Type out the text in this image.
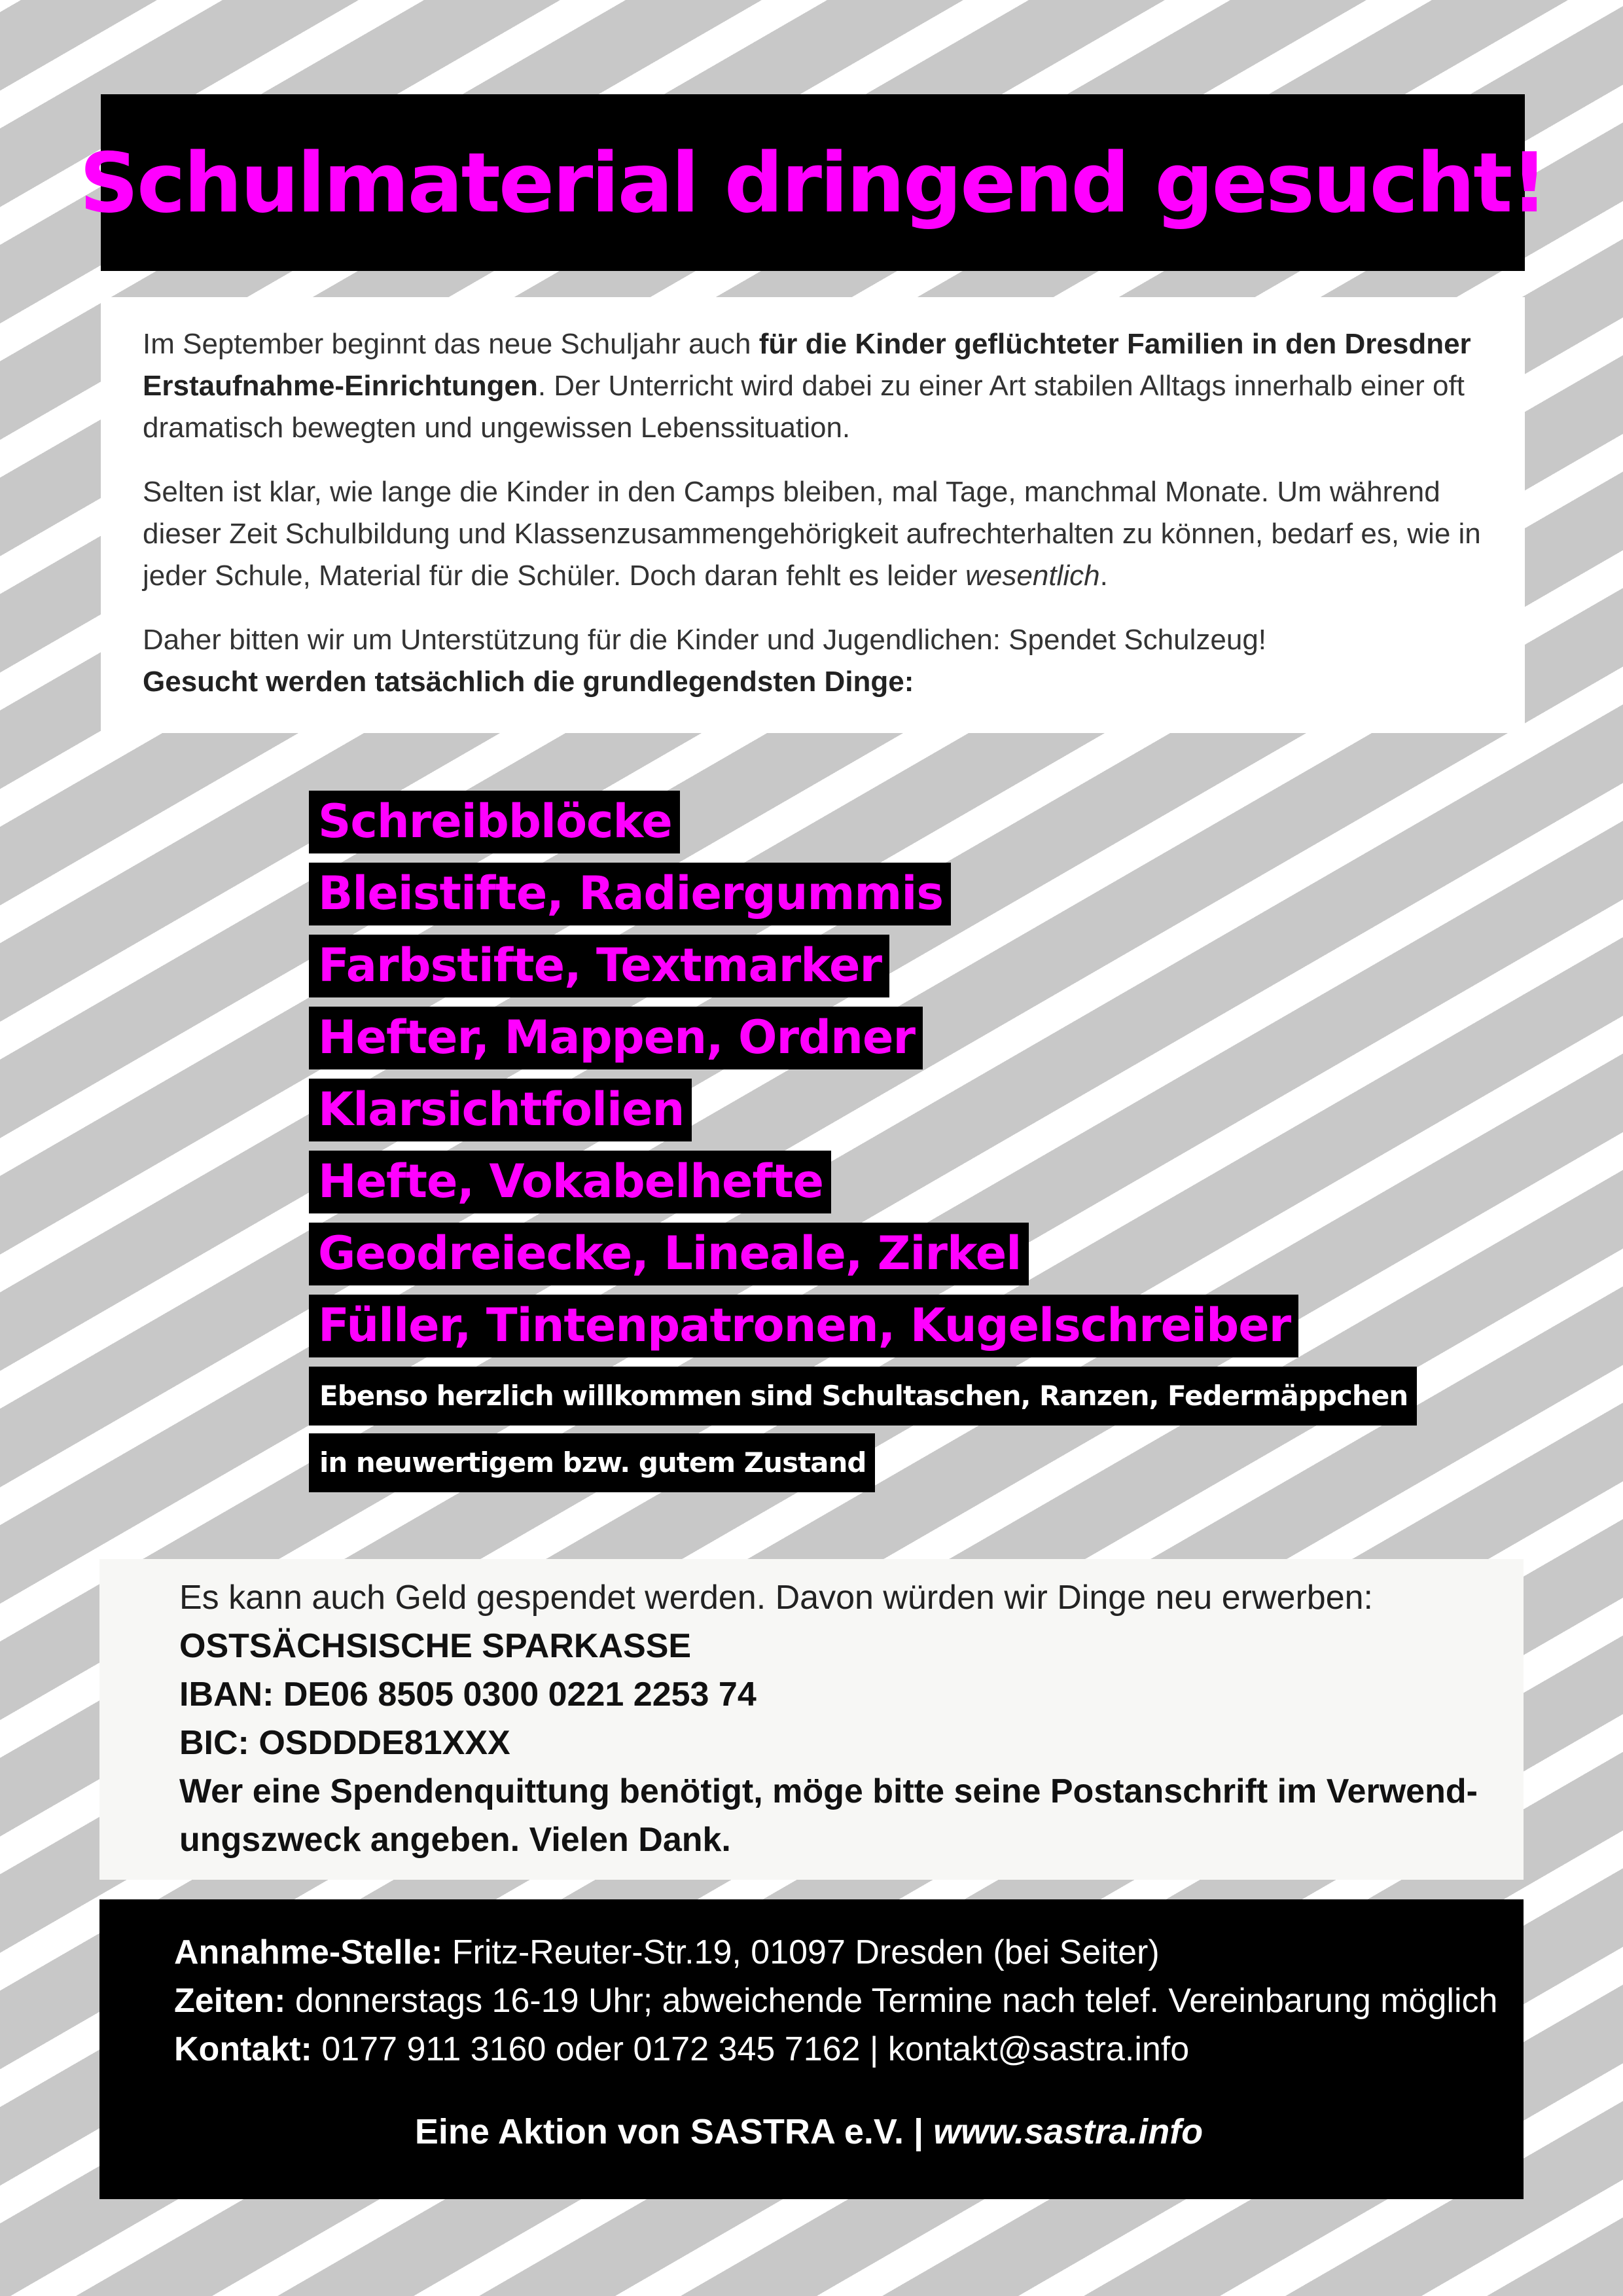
Schulmaterial dringend gesucht!

Im September beginnt das neue Schuljahr auch für die Kinder geflüchteter Familien in den Dresdner Erstaufnahme-Einrichtungen. Der Unterricht wird dabei zu einer Art stabilen Alltags innerhalb einer oft dramatisch bewegten und ungewissen Lebenssituation.

Selten ist klar, wie lange die Kinder in den Camps bleiben, mal Tage, manchmal Monate. Um während dieser Zeit Schulbildung und Klassenzusammengehörigkeit aufrechterhalten zu können, bedarf es, wie in jeder Schule, Material für die Schüler. Doch daran fehlt es leider wesentlich.

Daher bitten wir um Unterstützung für die Kinder und Jugendlichen: Spendet Schulzeug!
Gesucht werden tatsächlich die grundlegendsten Dinge:

Schreibblöcke
Bleistifte, Radiergummis
Farbstifte, Textmarker
Hefter, Mappen, Ordner
Klarsichtfolien
Hefte, Vokabelhefte
Geodreiecke, Lineale, Zirkel
Füller, Tintenpatronen, Kugelschreiber
Ebenso herzlich willkommen sind Schultaschen, Ranzen, Federmäppchen
in neuwertigem bzw. gutem Zustand
Es kann auch Geld gespendet werden. Davon würden wir Dinge neu erwerben:
OSTSÄCHSISCHE SPARKASSE
IBAN: DE06 8505 0300 0221 2253 74
BIC: OSDDDE81XXX
Wer eine Spendenquittung benötigt, möge bitte seine Postanschrift im Verwend-ungszweck angeben. Vielen Dank.
Annahme-Stelle: Fritz-Reuter-Str.19, 01097 Dresden (bei Seiter)
Zeiten: donnerstags 16-19 Uhr; abweichende Termine nach telef. Vereinbarung möglich
Kontakt: 0177 911 3160 oder 0172 345 7162 | kontakt@sastra.info
Eine Aktion von SASTRA e.V. | www.sastra.info
